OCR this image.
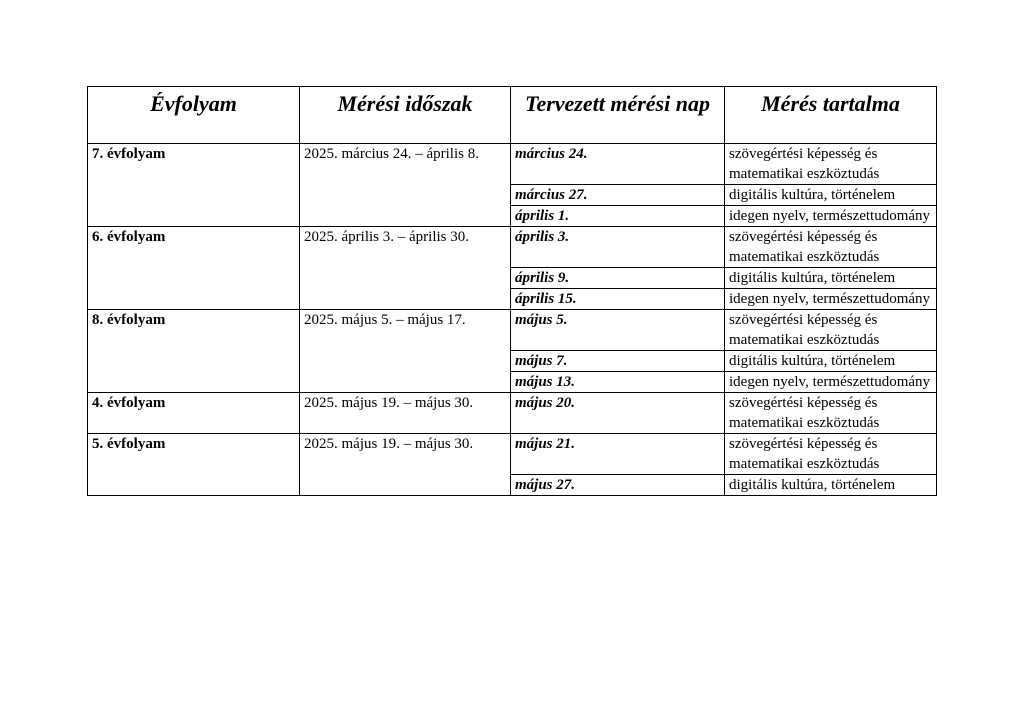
Évfolyam	Mérési időszak	Tervezett mérési nap	Mérés tartalma
7. évfolyam	2025. március 24. – április 8.	március 24.	szövegértési képesség és matematikai eszköztudás
		március 27.	digitális kultúra, történelem
		április 1.	idegen nyelv, természettudomány
6. évfolyam	2025. április 3. – április 30.	április 3.	szövegértési képesség és matematikai eszköztudás
		április 9.	digitális kultúra, történelem
		április 15.	idegen nyelv, természettudomány
8. évfolyam	2025. május 5. – május 17.	május 5.	szövegértési képesség és matematikai eszköztudás
		május 7.	digitális kultúra, történelem
		május 13.	idegen nyelv, természettudomány
4. évfolyam	2025. május 19. – május 30.	május 20.	szövegértési képesség és matematikai eszköztudás
5. évfolyam	2025. május 19. – május 30.	május 21.	szövegértési képesség és matematikai eszköztudás
		május 27.	digitális kultúra, történelem
